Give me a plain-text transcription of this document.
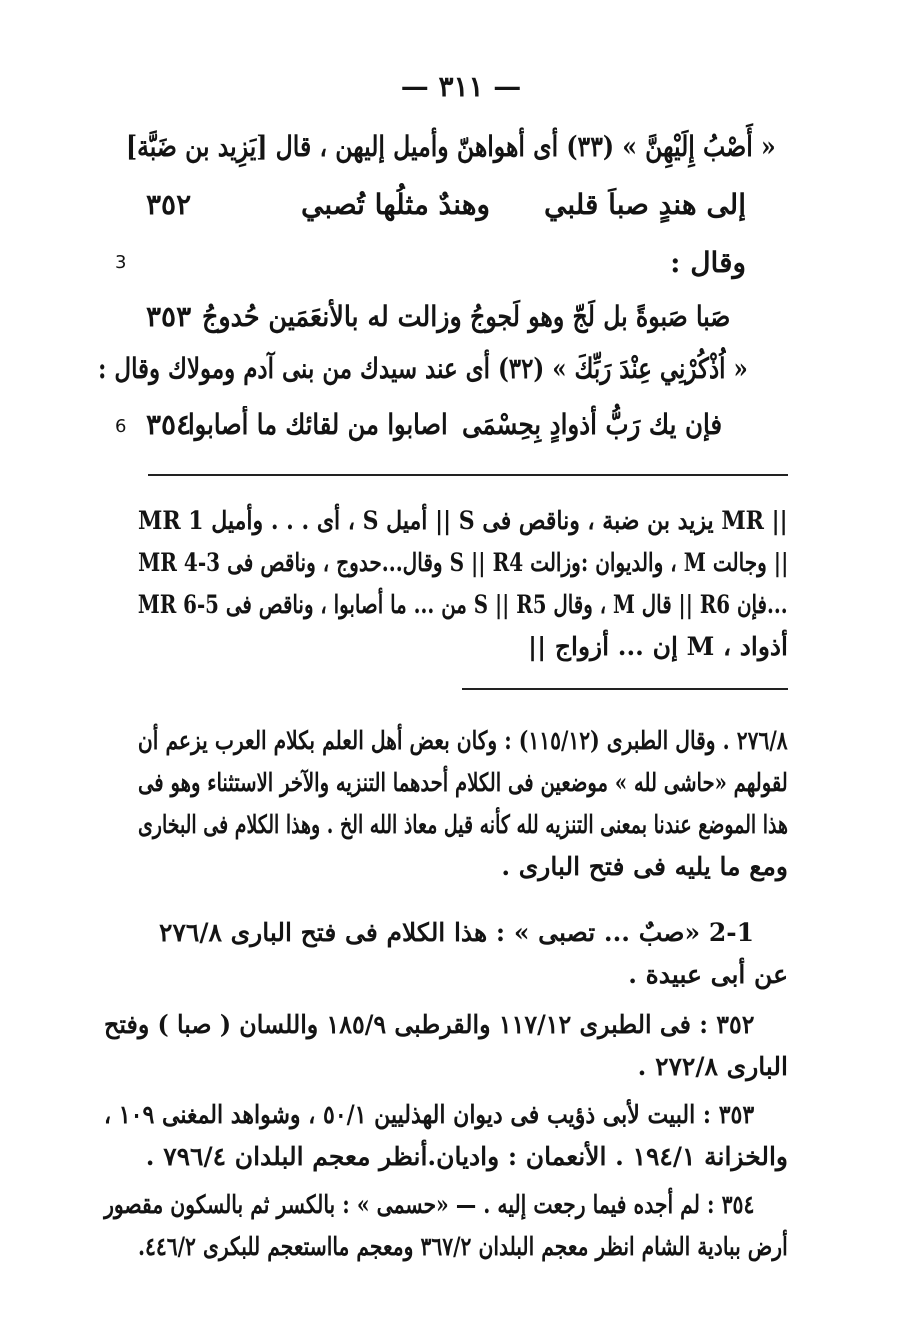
— ٣١١ —
« أَصْبُ إِلَيْهِنَّ » (٣٣) أى أهواهنّ وأميل إليهن ، قال [يَزِيد بن ضَبَّة]
إلى هندٍ صباَ قلبي
وهندٌ مثلُها تُصبي
٣٥٢
وقال :
3
صَبا صَبوةً بل لَجّ وهو لَجوجُ
وزالت له بالأنعَمَين حُدوجُ
٣٥٣
« اُذْكُرْنِي عِنْدَ رَبِّكَ » (٣٢) أى عند سيدك من بنى آدم ومولاك وقال :
فإن يك رَبُّ أذوادٍ بِحِسْمَى
اصابوا من لقائك ما أصابوا
٣٥٤
6
MR 1 أى . . . وأميل ، S أميل || S يزيد بن ضبة ، وناقص فى MR ||
MR 4-3 وقال...حدوج ، وناقص فى S || R4 والديوان :وزالت ، M وجالت ||
MR 6-5 من ... ما أصابوا ، وناقص فى S || R5 وقال ، M قال || R6 فإن...
أذواد ، M إن ... أزواج ||
٢٧٦/٨ . وقال الطبرى (١١٥/١٢) : وكان بعض أهل العلم بكلام العرب يزعم أن
لقولهم «حاشى لله » موضعين فى الكلام أحدهما التنزيه والآخر الاستثناء وهو فى
هذا الموضع عندنا بمعنى التنزيه لله كأنه قيل معاذ الله الخ . وهذا الكلام فى البخارى
ومع ما يليه فى فتح البارى .
2-1 «صبٌ ... تصبى » : هذا الكلام فى فتح البارى ٢٧٦/٨
عن أبى عبيدة .
٣٥٢ : فى الطبرى ١١٧/١٢ والقرطبى ١٨٥/٩ واللسان ( صبا ) وفتح
البارى ٢٧٢/٨ .
٣٥٣ : البيت لأبى ذؤيب فى ديوان الهذليين ٥٠/١ ، وشواهد المغنى ١٠٩ ،
والخزانة ١٩٤/١ . الأنعمان : واديان.أنظر معجم البلدان ٧٩٦/٤ .
٣٥٤ : لم أجده فيما رجعت إليه . — «حسمى » : بالكسر ثم بالسكون مقصور
أرض ببادية الشام انظر معجم البلدان ٣٦٧/٢ ومعجم مااستعجم للبكرى ٤٤٦/٢.
